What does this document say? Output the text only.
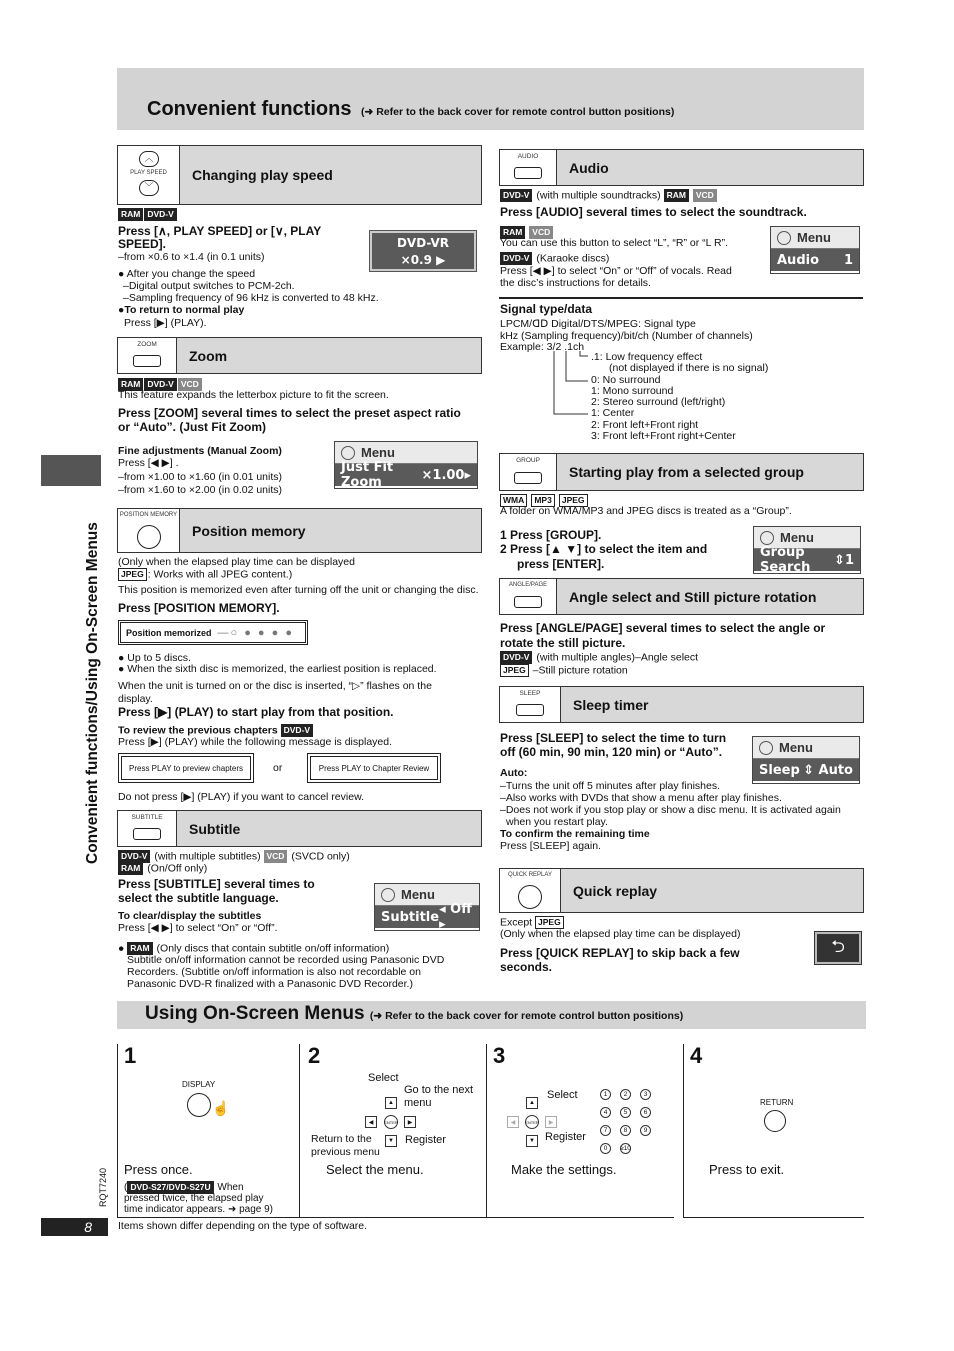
Convenient functions (➜ Refer to the back cover for remote control button positions)
Convenient functions/Using On-Screen Menus
︿
PLAY SPEED
﹀
Changing play speed
RAM DVD-V
Press [∧, PLAY SPEED] or [∨, PLAY
SPEED].
–from ×0.6 to ×1.4 (in 0.1 units)
● After you change the speed
–Digital output switches to PCM-2ch.
–Sampling frequency of 96 kHz is converted to 48 kHz.
●To return to normal play
Press [▶] (PLAY).
DVD-VR
×0.9 ▶
ZOOM
Zoom
RAM DVD-V VCD
This feature expands the letterbox picture to fit the screen.
Press [ZOOM] several times to select the preset aspect ratio
or “Auto”. (Just Fit Zoom)
Fine adjustments (Manual Zoom)
Press [◀ ▶] .
–from ×1.00 to ×1.60 (in 0.01 units)
–from ×1.60 to ×2.00 (in 0.02 units)
Menu
Just Fit Zoom	×1.00▸
POSITION MEMORY
Position memory
(Only when the elapsed play time can be displayed
JPEG : Works with all JPEG content.)
This position is memorized even after turning off the unit or changing the disc.
Press [POSITION MEMORY].
Position memorized —○ ● ● ● ●
● Up to 5 discs.
● When the sixth disc is memorized, the earliest position is replaced.
When the unit is turned on or the disc is inserted, “▷” flashes on the
display.
Press [▶] (PLAY) to start play from that position.
To review the previous chapters DVD-V
Press [▶] (PLAY) while the following message is displayed.
Press PLAY to preview chapters	or	Press PLAY to Chapter Review
Do not press [▶] (PLAY) if you want to cancel review.
SUBTITLE
Subtitle
DVD-V (with multiple subtitles) VCD (SVCD only)
RAM (On/Off only)
Press [SUBTITLE] several times to
select the subtitle language.
To clear/display the subtitles
Press [◀ ▶] to select “On” or “Off”.
● RAM (Only discs that contain subtitle on/off information)
Subtitle on/off information cannot be recorded using Panasonic DVD
Recorders. (Subtitle on/off information is also not recordable on
Panasonic DVD-R finalized with a Panasonic DVD Recorder.)
Menu
Subtitle ◂ Off ▸
AUDIO
Audio
DVD-V (with multiple soundtracks) RAM VCD
Press [AUDIO] several times to select the soundtrack.
RAM VCD
You can use this button to select “L”, “R” or “L R”.
DVD-V (Karaoke discs)
Press [◀ ▶] to select “On” or “Off” of vocals. Read
the disc’s instructions for details.
Menu
Audio 1
Signal type/data
LPCM/ᗡᗞ Digital/DTS/MPEG: Signal type
kHz (Sampling frequency)/bit/ch (Number of channels)
Example: 3/2 .1ch
.1: Low frequency effect
(not displayed if there is no signal)
0: No surround
1: Mono surround
2: Stereo surround (left/right)
1: Center
2: Front left+Front right
3: Front left+Front right+Center
GROUP
Starting play from a selected group
WMA MP3 JPEG
A folder on WMA/MP3 and JPEG discs is treated as a “Group”.
1 Press [GROUP].
2 Press [▲ ▼] to select the item and
press [ENTER].
Menu
Group Search	⇕1
ANGLE/PAGE
Angle select and Still picture rotation
Press [ANGLE/PAGE] several times to select the angle or
rotate the still picture.
DVD-V (with multiple angles)–Angle select
JPEG –Still picture rotation
SLEEP
Sleep timer
Press [SLEEP] to select the time to turn
off (60 min, 90 min, 120 min) or “Auto”.
Auto:
–Turns the unit off 5 minutes after play finishes.
–Also works with DVDs that show a menu after play finishes.
–Does not work if you stop play or show a disc menu. It is activated again
when you restart play.
To confirm the remaining time
Press [SLEEP] again.
Menu
Sleep ⇕ Auto
QUICK REPLAY
Quick replay
Except JPEG
(Only when the elapsed play time can be displayed)
Press [QUICK REPLAY] to skip back a few
seconds.
⮌
Using On-Screen Menus (➜ Refer to the back cover for remote control button positions)
1
DISPLAY
☝
Press once.
( DVD-S27/DVD-S27U When
pressed twice, the elapsed play
time indicator appears. ➜ page 9)
2
Select
Go to the next
menu
▲
◀	ENTER	▶
▼
Return to the
previous menu
Register
Select the menu.
3
Select
▲
◀	ENTER	▶
▼ Register
1	2	3
4	5	6
7	8	9
0	≥10
Make the settings.
4
RETURN
Press to exit.
RQT7240
8	Items shown differ depending on the type of software.
